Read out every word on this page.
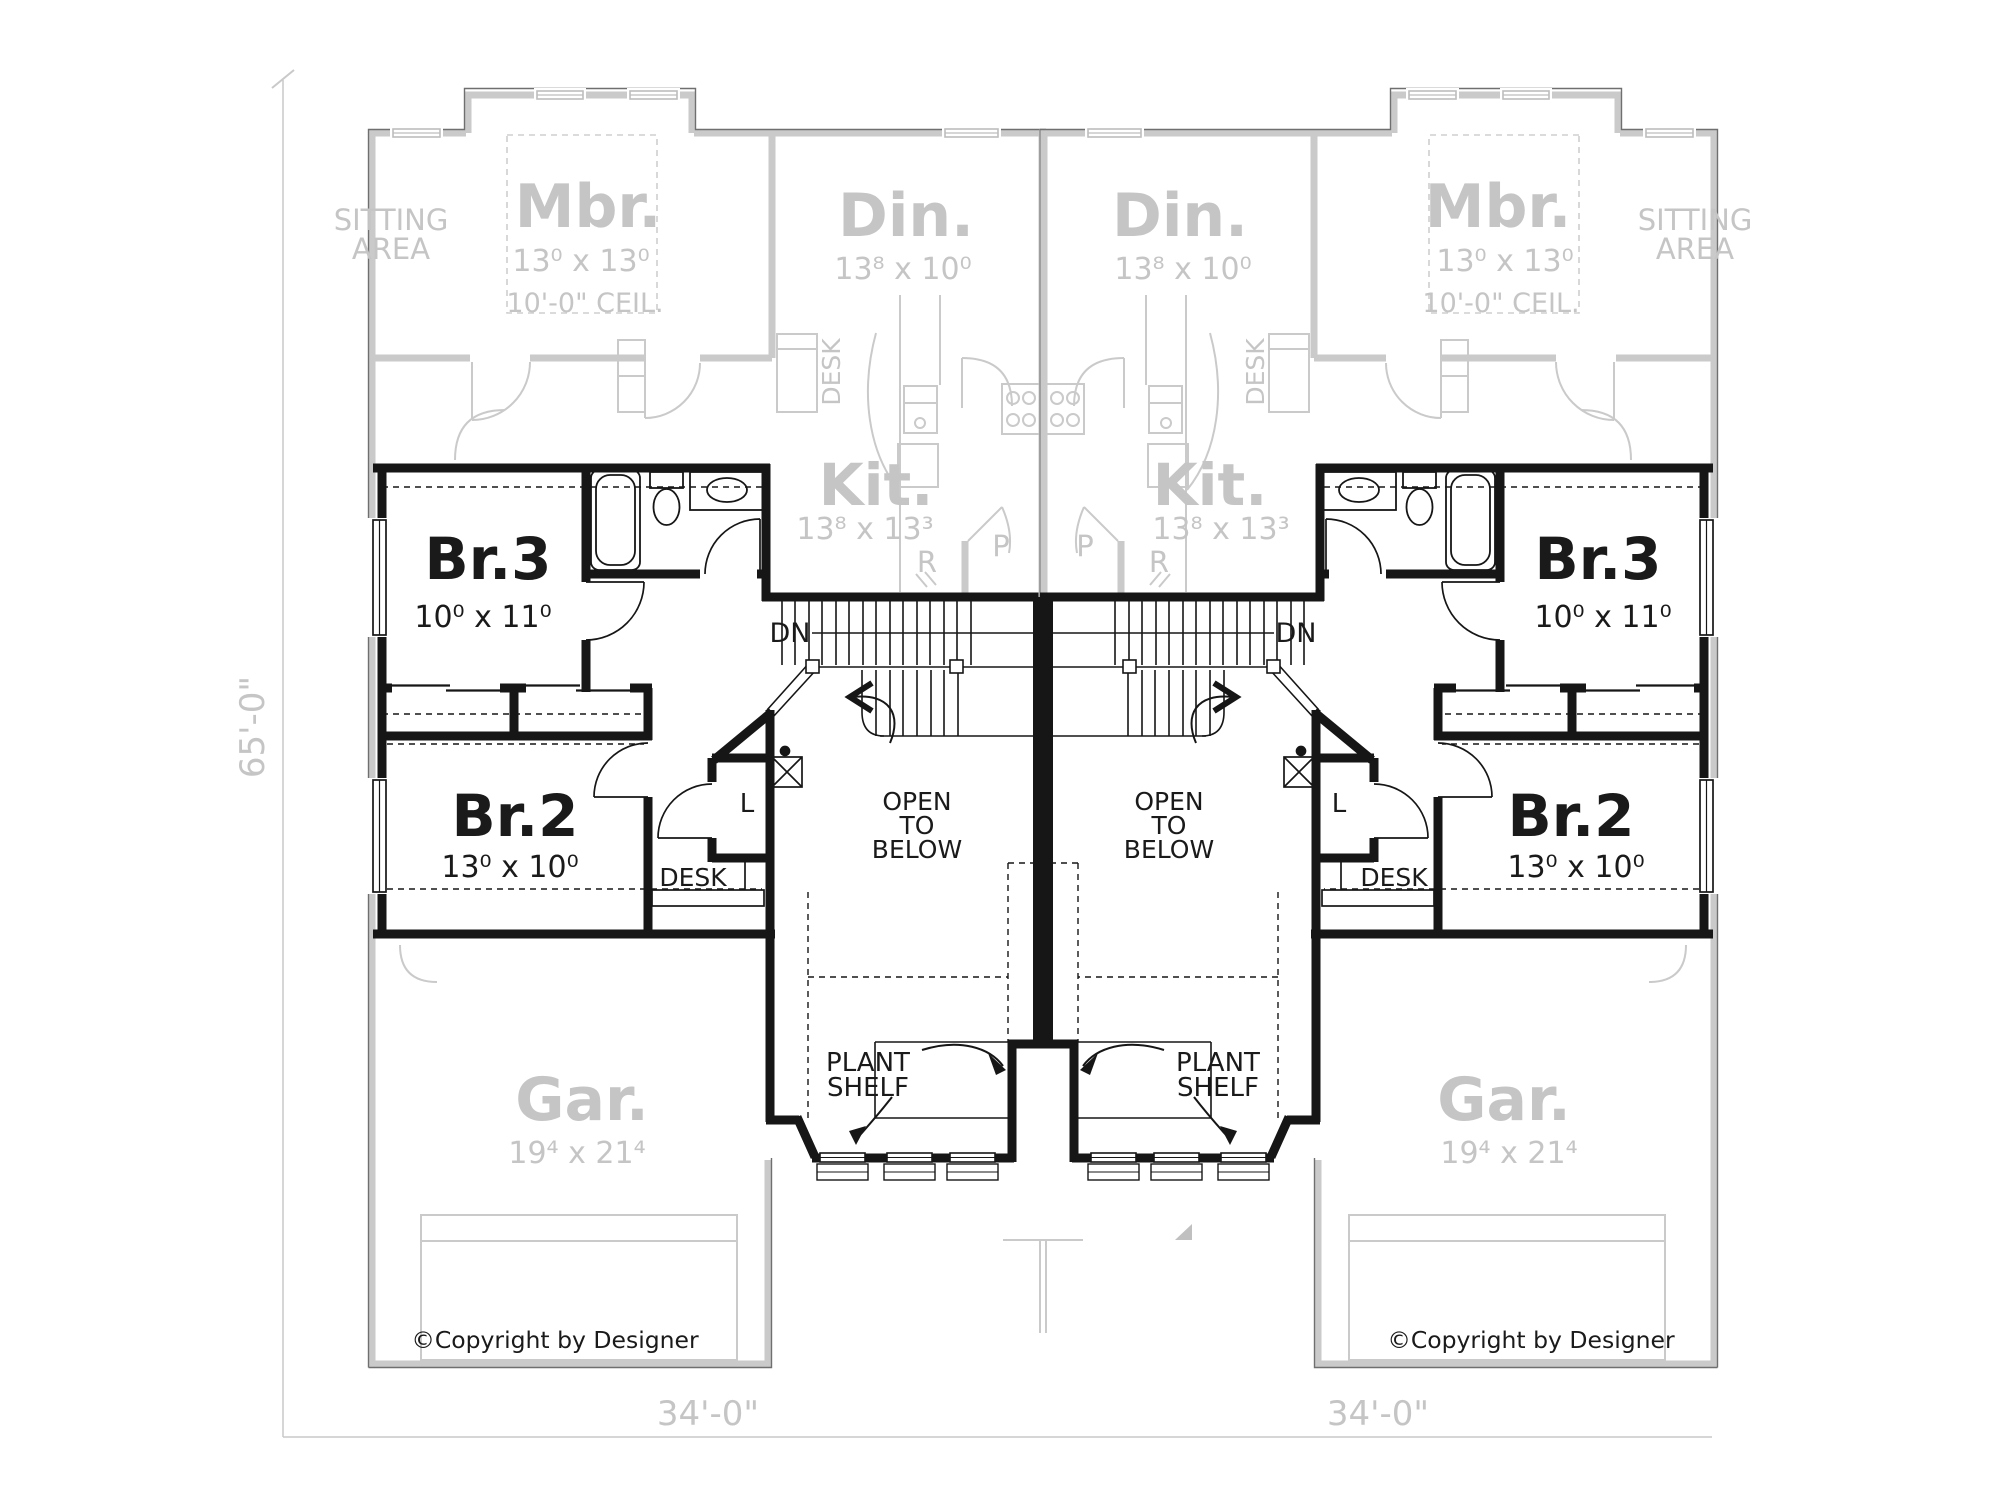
SITTING
AREA
Mbr.
13⁰ x 13⁰
10'-0" CEIL.
Din.
13⁸ x 10⁰
DESK
Kit.
13⁸ x 13³
R P
Br.3
10⁰ x 11⁰	DN
Br.2
13⁰ x 10⁰
L
DESK
OPEN
TO
BELOW
PLANT
SHELF
Gar.
19⁴ x 21⁴
©Copyright by Designer
34'-0"
SITTING
AREA
Mbr.
13⁰ x 13⁰
10'-0" CEIL.
Din.
13⁸ x 10⁰
DESK
Kit.
13⁸ x 13³
R
P	Br.3
10⁰ x 11⁰
DN
Br.2
13⁰ x 10⁰
L
DESK
OPEN
TO
BELOW
PLANT
SHELF	Gar.
19⁴ x 21⁴
©Copyright by Designer
34'-0"
65'-0"
